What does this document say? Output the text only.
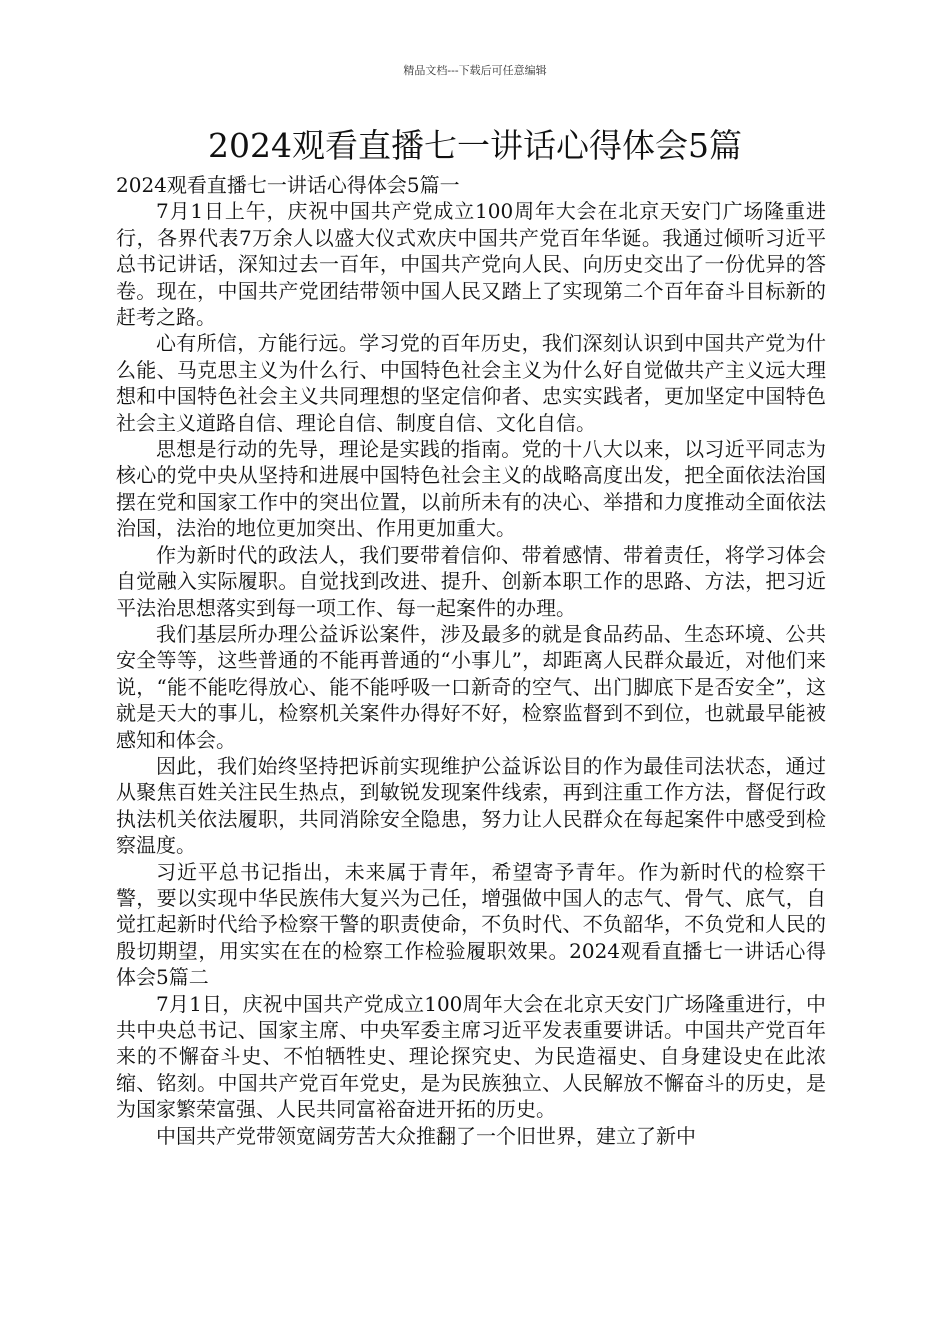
精品文档---下载后可任意编辑
2024观看直播七一讲话心得体会5篇

2024观看直播七一讲话心得体会5篇一

7月1日上午，庆祝中国共产党成立100周年大会在北京天安门广场隆重进行，各界代表7万余人以盛大仪式欢庆中国共产党百年华诞。我通过倾听习近平总书记讲话，深知过去一百年，中国共产党向人民、向历史交出了一份优异的答卷。现在，中国共产党团结带领中国人民又踏上了实现第二个百年奋斗目标新的赶考之路。

心有所信，方能行远。学习党的百年历史，我们深刻认识到中国共产党为什么能、马克思主义为什么行、中国特色社会主义为什么好自觉做共产主义远大理想和中国特色社会主义共同理想的坚定信仰者、忠实实践者，更加坚定中国特色社会主义道路自信、理论自信、制度自信、文化自信。

思想是行动的先导，理论是实践的指南。党的十八大以来，以习近平同志为核心的党中央从坚持和进展中国特色社会主义的战略高度出发，把全面依法治国摆在党和国家工作中的突出位置，以前所未有的决心、举措和力度推动全面依法治国，法治的地位更加突出、作用更加重大。

作为新时代的政法人，我们要带着信仰、带着感情、带着责任，将学习体会自觉融入实际履职。自觉找到改进、提升、创新本职工作的思路、方法，把习近平法治思想落实到每一项工作、每一起案件的办理。

我们基层所办理公益诉讼案件，涉及最多的就是食品药品、生态环境、公共安全等等，这些普通的不能再普通的“小事儿”，却距离人民群众最近，对他们来说，“能不能吃得放心、能不能呼吸一口新奇的空气、出门脚底下是否安全”，这就是天大的事儿，检察机关案件办得好不好，检察监督到不到位，也就最早能被感知和体会。

因此，我们始终坚持把诉前实现维护公益诉讼目的作为最佳司法状态，通过从聚焦百姓关注民生热点，到敏锐发现案件线索，再到注重工作方法，督促行政执法机关依法履职，共同消除安全隐患，努力让人民群众在每起案件中感受到检察温度。

习近平总书记指出，未来属于青年，希望寄予青年。作为新时代的检察干警，要以实现中华民族伟大复兴为己任，增强做中国人的志气、骨气、底气，自觉扛起新时代给予检察干警的职责使命，不负时代、不负韶华，不负党和人民的殷切期望，用实实在在的检察工作检验履职效果。2024观看直播七一讲话心得体会5篇二

7月1日，庆祝中国共产党成立100周年大会在北京天安门广场隆重进行，中共中央总书记、国家主席、中央军委主席习近平发表重要讲话。中国共产党百年来的不懈奋斗史、不怕牺牲史、理论探究史、为民造福史、自身建设史在此浓缩、铭刻。中国共产党百年党史，是为民族独立、人民解放不懈奋斗的历史，是为国家繁荣富强、人民共同富裕奋进开拓的历史。

中国共产党带领宽阔劳苦大众推翻了一个旧世界，建立了新中
